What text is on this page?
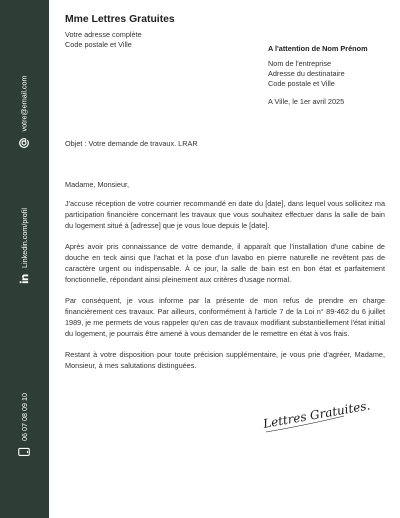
votre@email.com
Linkedin.com/profil
06 07 08 09 10
Mme Lettres Gratuites
Votre adresse complète
Code postale et Ville	A l'attention de Nom Prénom
Nom de l'entreprise
Adresse du destinataire
Code postale et Ville
A Ville, le 1er avril 2025
Objet : Votre demande de travaux. LRAR
Madame, Monsieur,

J'accuse réception de votre courrier recommandé en date du [date], dans lequel vous sollicitez ma participation financière concernant les travaux que vous souhaitez effectuer dans la salle de bain du logement situé à [adresse] que je vous loue depuis le [date].

Après avoir pris connaissance de votre demande, il apparaît que l'installation d'une cabine de douche en teck ainsi que l'achat et la pose d'un lavabo en pierre naturelle ne revêtent pas de caractère urgent ou indispensable. À ce jour, la salle de bain est en bon état et parfaitement fonctionnelle, répondant ainsi pleinement aux critères d'usage normal.

Par conséquent, je vous informe par la présente de mon refus de prendre en charge financièrement ces travaux. Par ailleurs, conformément à l'article 7 de la Loi n° 89-462 du 6 juillet 1989, je me permets de vous rappeler qu'en cas de travaux modifiant substantiellement l'état initial du logement, je pourrais être amené à vous demander de le remettre en état à vos frais.

Restant à votre disposition pour toute précision supplémentaire, je vous prie d'agréer, Madame, Monsieur, à mes salutations distinguées.

Lettres Gratuites.
